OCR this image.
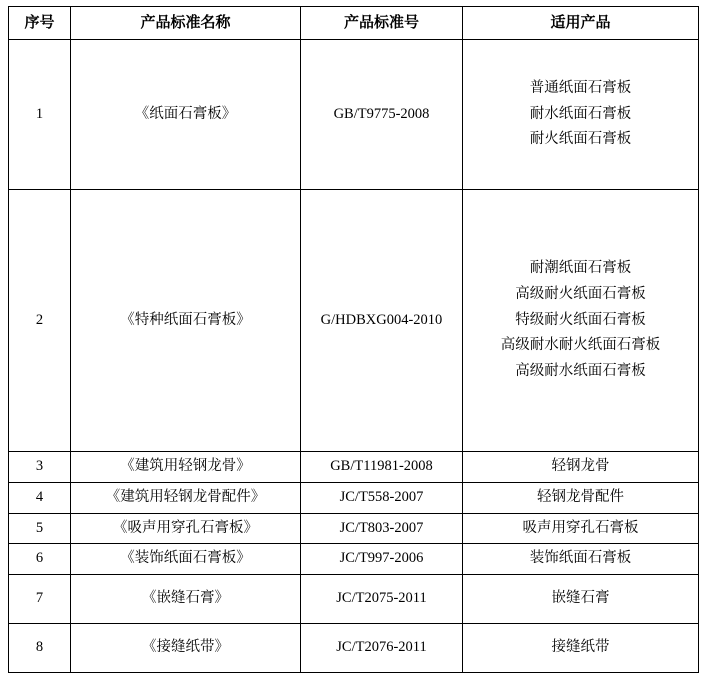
序号	产品标准名称	产品标准号	适用产品
1	《纸面石膏板》	GB/T9775-2008	普通纸面石膏板
耐水纸面石膏板
耐火纸面石膏板

2	《特种纸面石膏板》	G/HDBXG004-2010	耐潮纸面石膏板
高级耐火纸面石膏板
特级耐火纸面石膏板
高级耐水耐火纸面石膏板
高级耐水纸面石膏板

3	《建筑用轻钢龙骨》	GB/T11981-2008	轻钢龙骨

4	《建筑用轻钢龙骨配件》	JC/T558-2007	轻钢龙骨配件

5	《吸声用穿孔石膏板》	JC/T803-2007	吸声用穿孔石膏板

6	《装饰纸面石膏板》	JC/T997-2006	装饰纸面石膏板

7	《嵌缝石膏》	JC/T2075-2011	嵌缝石膏

8	《接缝纸带》	JC/T2076-2011	接缝纸带
